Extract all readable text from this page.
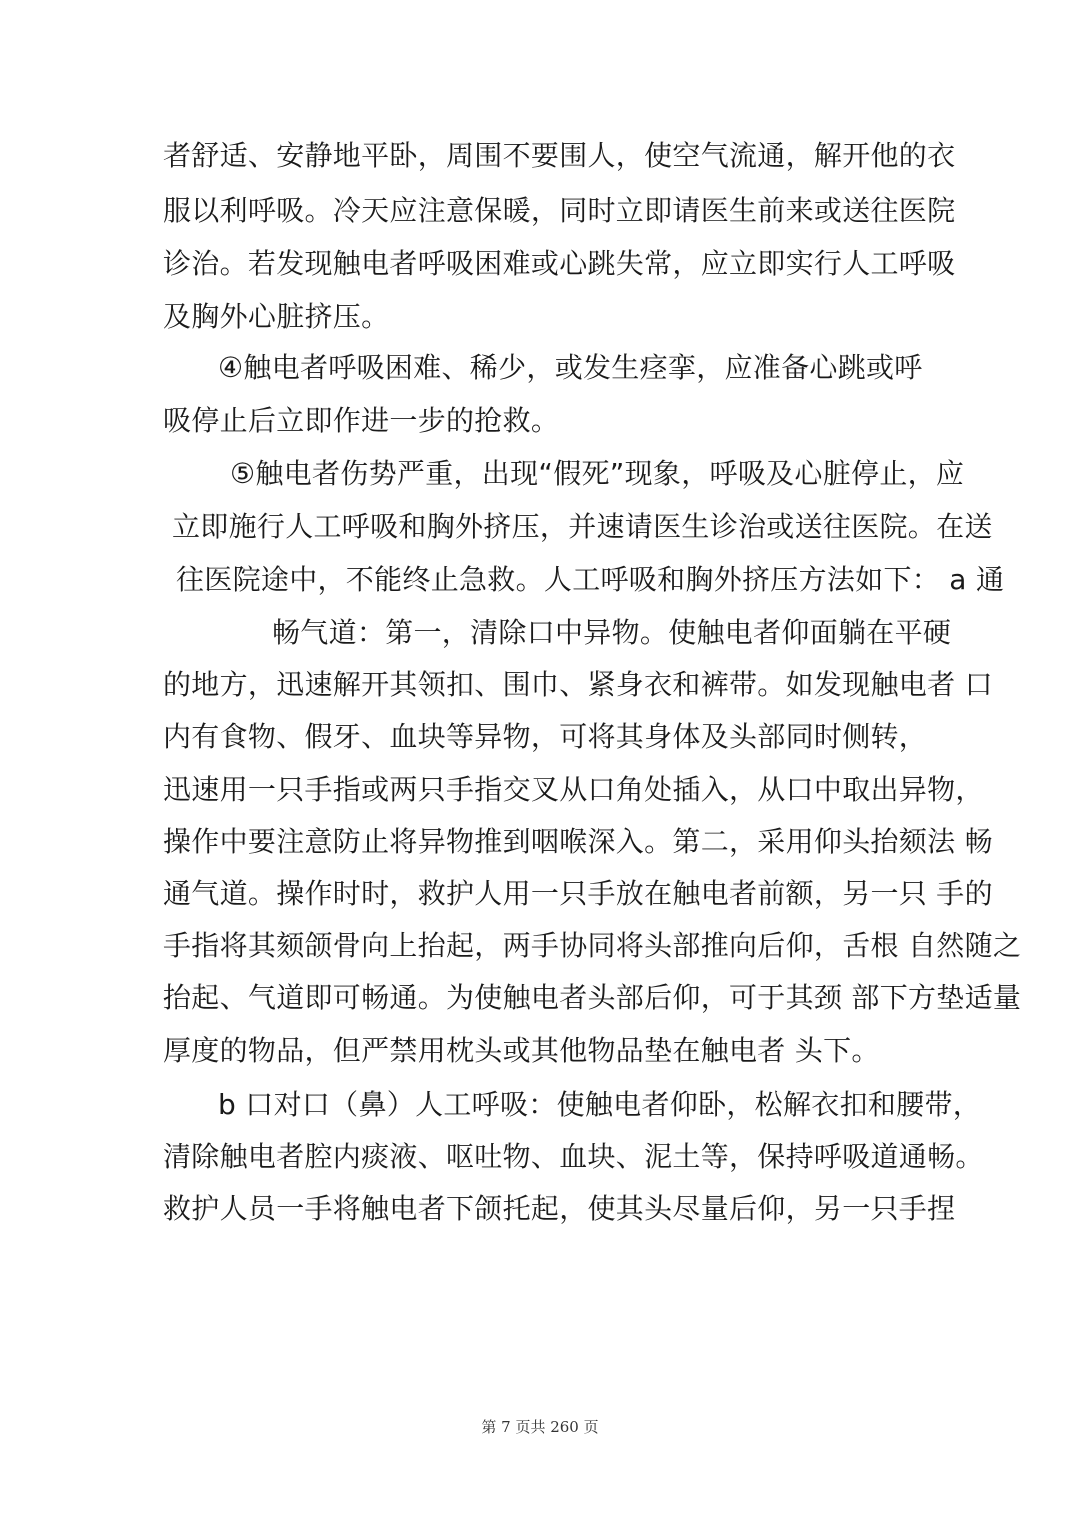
者舒适、安静地平卧，周围不要围人，使空气流通，解开他的衣
服以利呼吸。冷天应注意保暖，同时立即请医生前来或送往医院
诊治。若发现触电者呼吸困难或心跳失常，应立即实行人工呼吸
及胸外心脏挤压。
④触电者呼吸困难、稀少，或发生痉挛，应准备心跳或呼
吸停止后立即作进一步的抢救。
⑤触电者伤势严重，出现“假死”现象，呼吸及心脏停止，应
立即施行人工呼吸和胸外挤压，并速请医生诊治或送往医院。在送
往医院途中，不能终止急救。人工呼吸和胸外挤压方法如下： a 通
畅气道：第一，清除口中异物。使触电者仰面躺在平硬
的地方，迅速解开其领扣、围巾、紧身衣和裤带。如发现触电者 口
内有食物、假牙、血块等异物，可将其身体及头部同时侧转，
迅速用一只手指或两只手指交叉从口角处插入，从口中取出异物，
操作中要注意防止将异物推到咽喉深入。第二，采用仰头抬颏法 畅
通气道。操作时时，救护人用一只手放在触电者前额，另一只 手的
手指将其颏颌骨向上抬起，两手协同将头部推向后仰，舌根 自然随之
抬起、气道即可畅通。为使触电者头部后仰，可于其颈 部下方垫适量
厚度的物品，但严禁用枕头或其他物品垫在触电者 头下。
b 口对口（鼻）人工呼吸：使触电者仰卧，松解衣扣和腰带，
清除触电者腔内痰液、呕吐物、血块、泥土等，保持呼吸道通畅。
救护人员一手将触电者下颌托起，使其头尽量后仰，另一只手捏
第 7 页共 260 页
